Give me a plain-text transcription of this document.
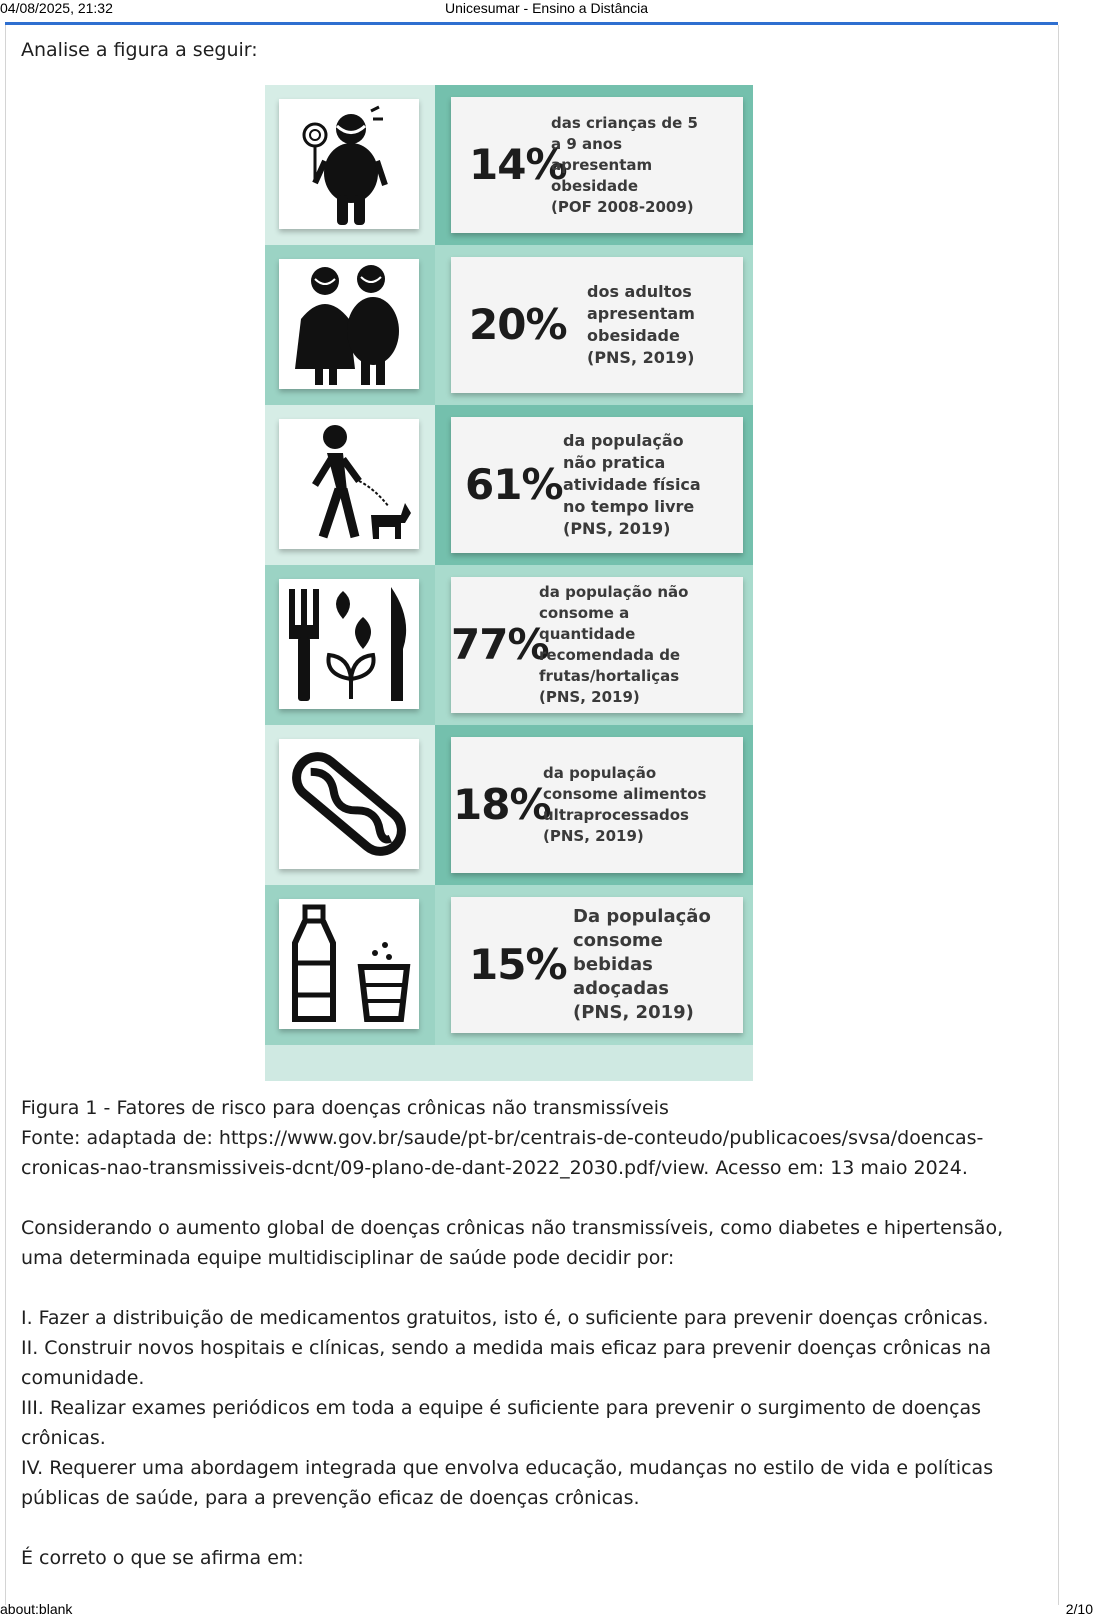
04/08/2025, 21:32	Unicesumar - Ensino a Distância

Analise a figura a seguir:

14%
das crianças de 5
a 9 anos
apresentam
obesidade
(POF 2008-2009)
20%
dos adultos
apresentam
obesidade
(PNS, 2019)
61%
da população
não pratica
atividade física
no tempo livre
(PNS, 2019)
77%
da população não
consome a
quantidade
recomendada de
frutas/hortaliças
(PNS, 2019)
18%
da população
consome alimentos
ultraprocessados
(PNS, 2019)
15%
Da população
consome
bebidas
adoçadas
(PNS, 2019)

Figura 1 - Fatores de risco para doenças crônicas não transmissíveis

Fonte: adaptada de: https://www.gov.br/saude/pt-br/centrais-de-conteudo/publicacoes/svsa/doencas-cronicas-nao-transmissiveis-dcnt/09-plano-de-dant-2022_2030.pdf/view. Acesso em: 13 maio 2024.

Considerando o aumento global de doenças crônicas não transmissíveis, como diabetes e hipertensão, uma determinada equipe multidisciplinar de saúde pode decidir por:

I. Fazer a distribuição de medicamentos gratuitos, isto é, o suficiente para prevenir doenças crônicas.

II. Construir novos hospitais e clínicas, sendo a medida mais eficaz para prevenir doenças crônicas na comunidade.

III. Realizar exames periódicos em toda a equipe é suficiente para prevenir o surgimento de doenças crônicas.

IV. Requerer uma abordagem integrada que envolva educação, mudanças no estilo de vida e políticas públicas de saúde, para a prevenção eficaz de doenças crônicas.

É correto o que se afirma em:

about:blank	2/10
